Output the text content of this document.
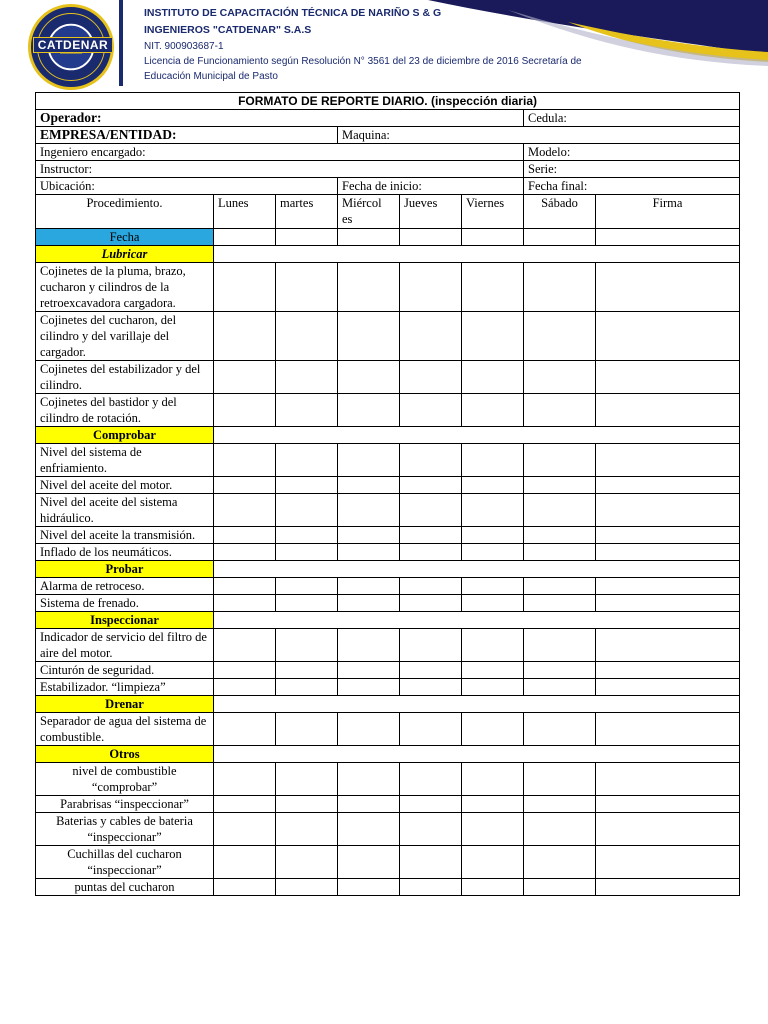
CATDENAR
INSTITUTO DE CAPACITACIÓN TÉCNICA DE NARIÑO S & G
INGENIEROS "CATDENAR" S.A.S
NIT. 900903687-1
Licencia de Funcionamiento según Resolución N° 3561 del 23 de diciembre de 2016 Secretaría de
Educación Municipal de Pasto
FORMATO DE REPORTE DIARIO. (inspección diaria)							
Operador:						Cedula:	
EMPRESA/ENTIDAD:			Maquina:				
Ingeniero encargado:						Modelo:	
Instructor:						Serie:	
Ubicación:			Fecha de inicio:			Fecha final:	
Procedimiento.	Lunes	martes	Miércol es	Jueves	Viernes	Sábado	Firma
Fecha							
Lubricar							
Cojinetes de la pluma, brazo, cucharon y cilindros de la retroexcavadora cargadora.							
Cojinetes del cucharon, del cilindro y del varillaje del cargador.							
Cojinetes del estabilizador y del cilindro.							
Cojinetes del bastidor y del cilindro de rotación.							
Comprobar							
Nivel del sistema de enfriamiento.							
Nivel del aceite del motor.							
Nivel del aceite del sistema hidráulico.							
Nivel del aceite la transmisión.							
Inflado de los neumáticos.							
Probar							
Alarma de retroceso.							
Sistema de frenado.							
Inspeccionar							
Indicador de servicio del filtro de aire del motor.							
Cinturón de seguridad.							
Estabilizador. “limpieza”							
Drenar							
Separador de agua del sistema de combustible.							
Otros							
nivel de combustible “comprobar”							
Parabrisas “inspeccionar”							
Baterias y cables de bateria “inspeccionar”							
Cuchillas del cucharon “inspeccionar”							
puntas del cucharon							
